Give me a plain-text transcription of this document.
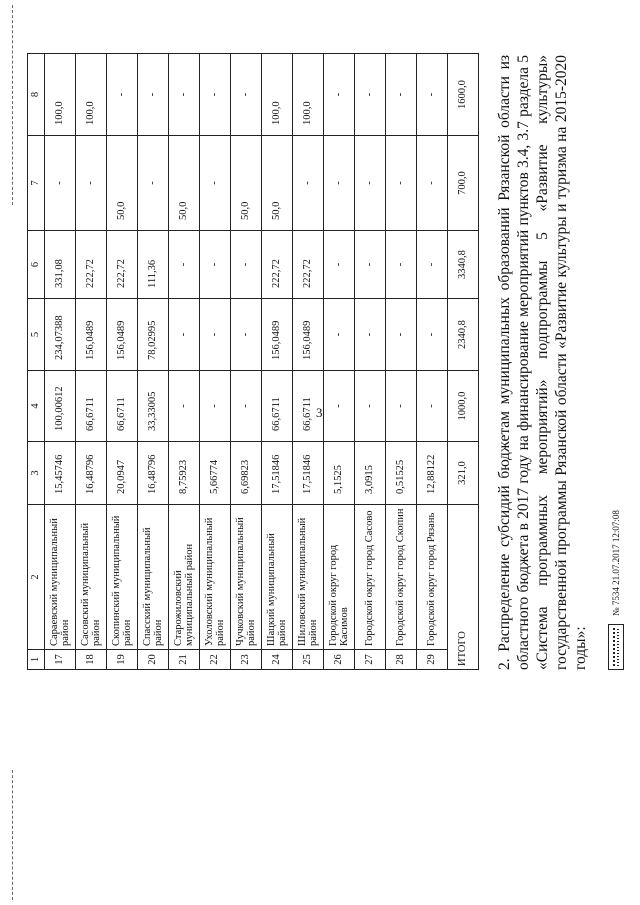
3
1	2	3	4	5	6	7	8
17	Сараевский муниципальный район	15,45746	100,00612	234,07388	331,08	-	100,0
18	Сасовский муниципальный район	16,48796	66,6711	156,0489	222,72	-	100,0
19	Скопинский муниципальный район	20,0947	66,6711	156,0489	222,72	50,0	-
20	Спасский муниципальный район	16,48796	33,33005	78,02995	111,36	-	-
21	Старожиловский муниципальный район	8,75923	-	-	-	50,0	-
22	Ухоловский муниципальный район	5,66774	-	-	-	-	-
23	Чучковский муниципальный район	6,69823	-	-	-	50,0	-
24	Шацкий муниципальный район	17,51846	66,6711	156,0489	222,72	50,0	100,0
25	Шиловский муниципальный район	17,51846	66,6711	156,0489	222,72	-	100,0
26	Городской округ город Касимов	5,1525	-	-	-	-	-
27	Городской округ город Сасово	3,0915	-	-	-	-	-
28	Городской округ город Скопин	0,51525	-	-	-	-	-
29	Городской округ город Рязань	12,88122	-	-	-	-	-
ИТОГО		321,0	1000,0	2340,8	3340,8	700,0	1600,0 2. Распределение субсидий бюджетам муниципальных образований Рязанской области из областного бюджета в 2017 году на финансирование мероприятий пунктов 3.4, 3.7 раздела 5 «Система программных мероприятий» подпрограммы 5 «Развитие культуры» государственной программы Рязанской области «Развитие культуры и туризма на 2015-2020 годы»:
№ 7534 21.07.2017 12:07:08
